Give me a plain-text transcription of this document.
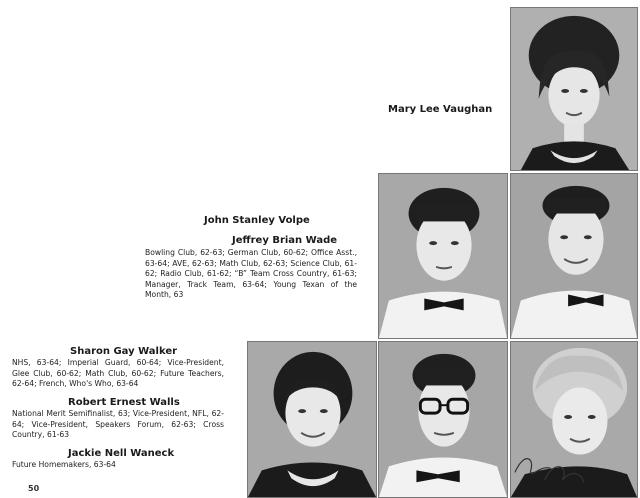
Mary Lee Vaughan
John Stanley Volpe
Jeffrey Brian Wade
Bowling Club, 62-63; German Club, 60-62; Office Asst., 63-64; AVE, 62-63; Math Club, 62-63; Science Club, 61-62; Radio Club, 61-62; “B” Team Cross Country, 61-63; Manager, Track Team, 63-64; Young Texan of the Month, 63
Sharon Gay Walker
NHS, 63-64; Imperial Guard, 60-64; Vice-President, Glee Club, 60-62; Math Club, 60-62; Future Teachers, 62-64; French, Who's Who, 63-64
Robert Ernest Walls
National Merit Semifinalist, 63; Vice-President, NFL, 62-64; Vice-President, Speakers Forum, 62-63; Cross Country, 61-63
Jackie Nell Waneck
Future Homemakers, 63-64
50
